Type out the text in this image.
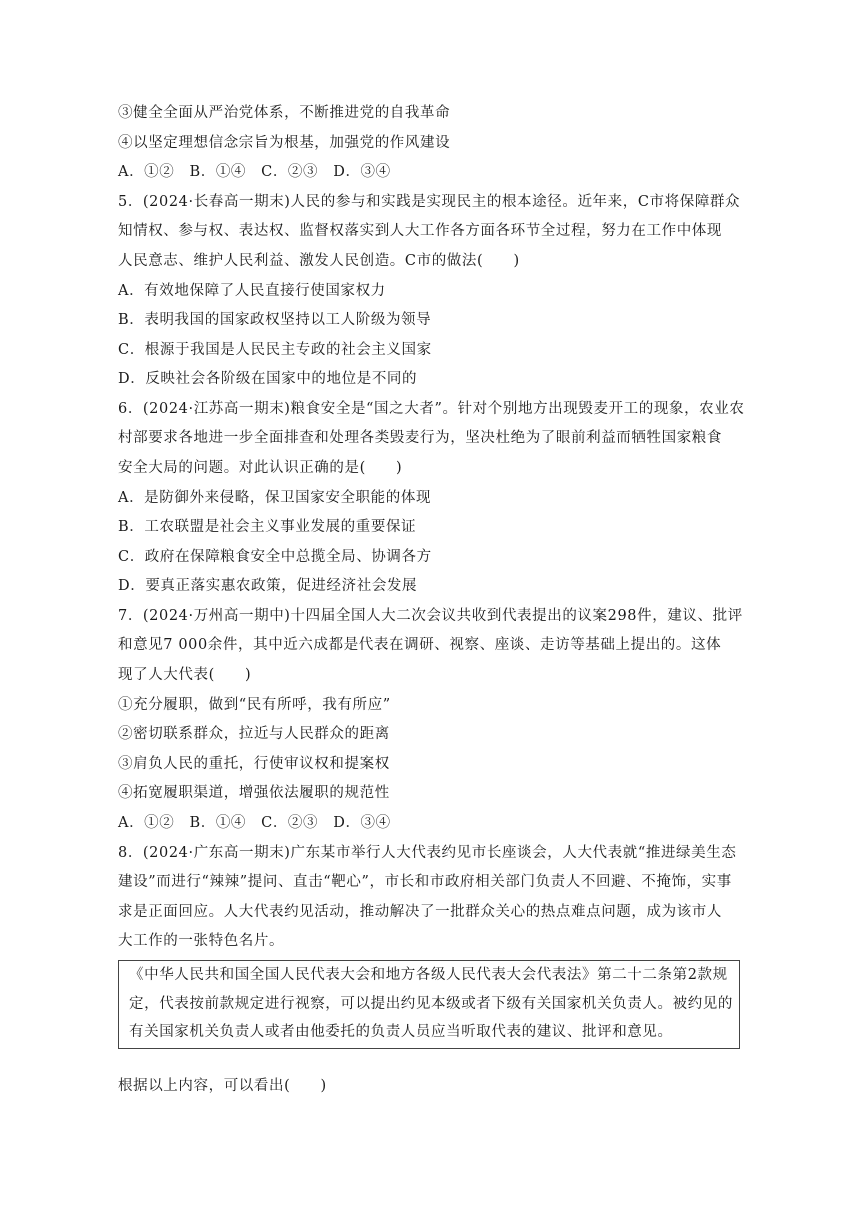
③健全全面从严治党体系，不断推进党的自我革命
④以坚定理想信念宗旨为根基，加强党的作风建设
A．①②　B．①④　C．②③　D．③④
5．(2024·长春高一期末)人民的参与和实践是实现民主的根本途径。近年来，C市将保障群众
知情权、参与权、表达权、监督权落实到人大工作各方面各环节全过程，努力在工作中体现
人民意志、维护人民利益、激发人民创造。C市的做法(　　)
A．有效地保障了人民直接行使国家权力
B．表明我国的国家政权坚持以工人阶级为领导
C．根源于我国是人民民主专政的社会主义国家
D．反映社会各阶级在国家中的地位是不同的
6．(2024·江苏高一期末)粮食安全是“国之大者”。针对个别地方出现毁麦开工的现象，农业农
村部要求各地进一步全面排查和处理各类毁麦行为，坚决杜绝为了眼前利益而牺牲国家粮食
安全大局的问题。对此认识正确的是(　　)
A．是防御外来侵略，保卫国家安全职能的体现
B．工农联盟是社会主义事业发展的重要保证
C．政府在保障粮食安全中总揽全局、协调各方
D．要真正落实惠农政策，促进经济社会发展
7．(2024·万州高一期中)十四届全国人大二次会议共收到代表提出的议案298件，建议、批评
和意见7 000余件，其中近六成都是代表在调研、视察、座谈、走访等基础上提出的。这体
现了人大代表(　　)
①充分履职，做到“民有所呼，我有所应”
②密切联系群众，拉近与人民群众的距离
③肩负人民的重托，行使审议权和提案权
④拓宽履职渠道，增强依法履职的规范性
A．①②　B．①④　C．②③　D．③④
8．(2024·广东高一期末)广东某市举行人大代表约见市长座谈会，人大代表就“推进绿美生态
建设”而进行“辣辣”提问、直击“靶心”，市长和市政府相关部门负责人不回避、不掩饰，实事
求是正面回应。人大代表约见活动，推动解决了一批群众关心的热点难点问题，成为该市人
大工作的一张特色名片。
《中华人民共和国全国人民代表大会和地方各级人民代表大会代表法》第二十二条第2款规
定，代表按前款规定进行视察，可以提出约见本级或者下级有关国家机关负责人。被约见的
有关国家机关负责人或者由他委托的负责人员应当听取代表的建议、批评和意见。
根据以上内容，可以看出(　　)
